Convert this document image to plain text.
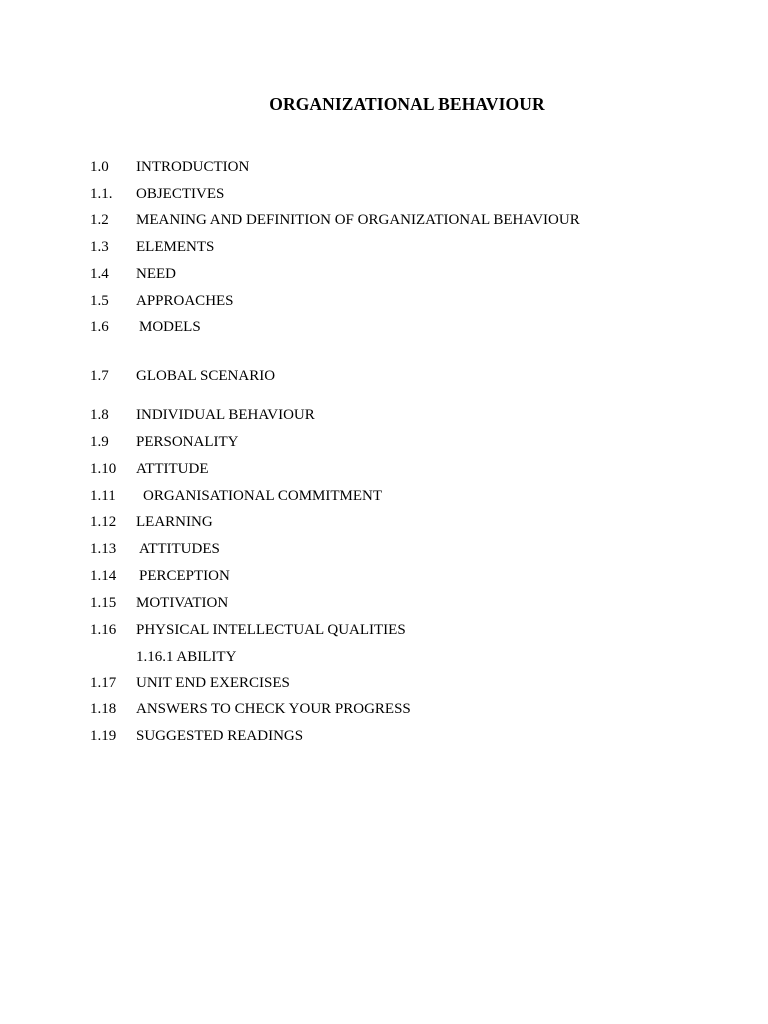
ORGANIZATIONAL BEHAVIOUR
1.0 INTRODUCTION
1.1. OBJECTIVES
1.2 MEANING AND DEFINITION OF ORGANIZATIONAL BEHAVIOUR
1.3 ELEMENTS
1.4 NEED
1.5 APPROACHES
1.6 MODELS
1.7 GLOBAL SCENARIO
1.8 INDIVIDUAL BEHAVIOUR
1.9 PERSONALITY
1.10 ATTITUDE
1.11 ORGANISATIONAL COMMITMENT
1.12 LEARNING
1.13 ATTITUDES
1.14 PERCEPTION
1.15 MOTIVATION
1.16 PHYSICAL INTELLECTUAL QUALITIES
1.16.1 ABILITY
1.17 UNIT END EXERCISES
1.18 ANSWERS TO CHECK YOUR PROGRESS
1.19 SUGGESTED READINGS
